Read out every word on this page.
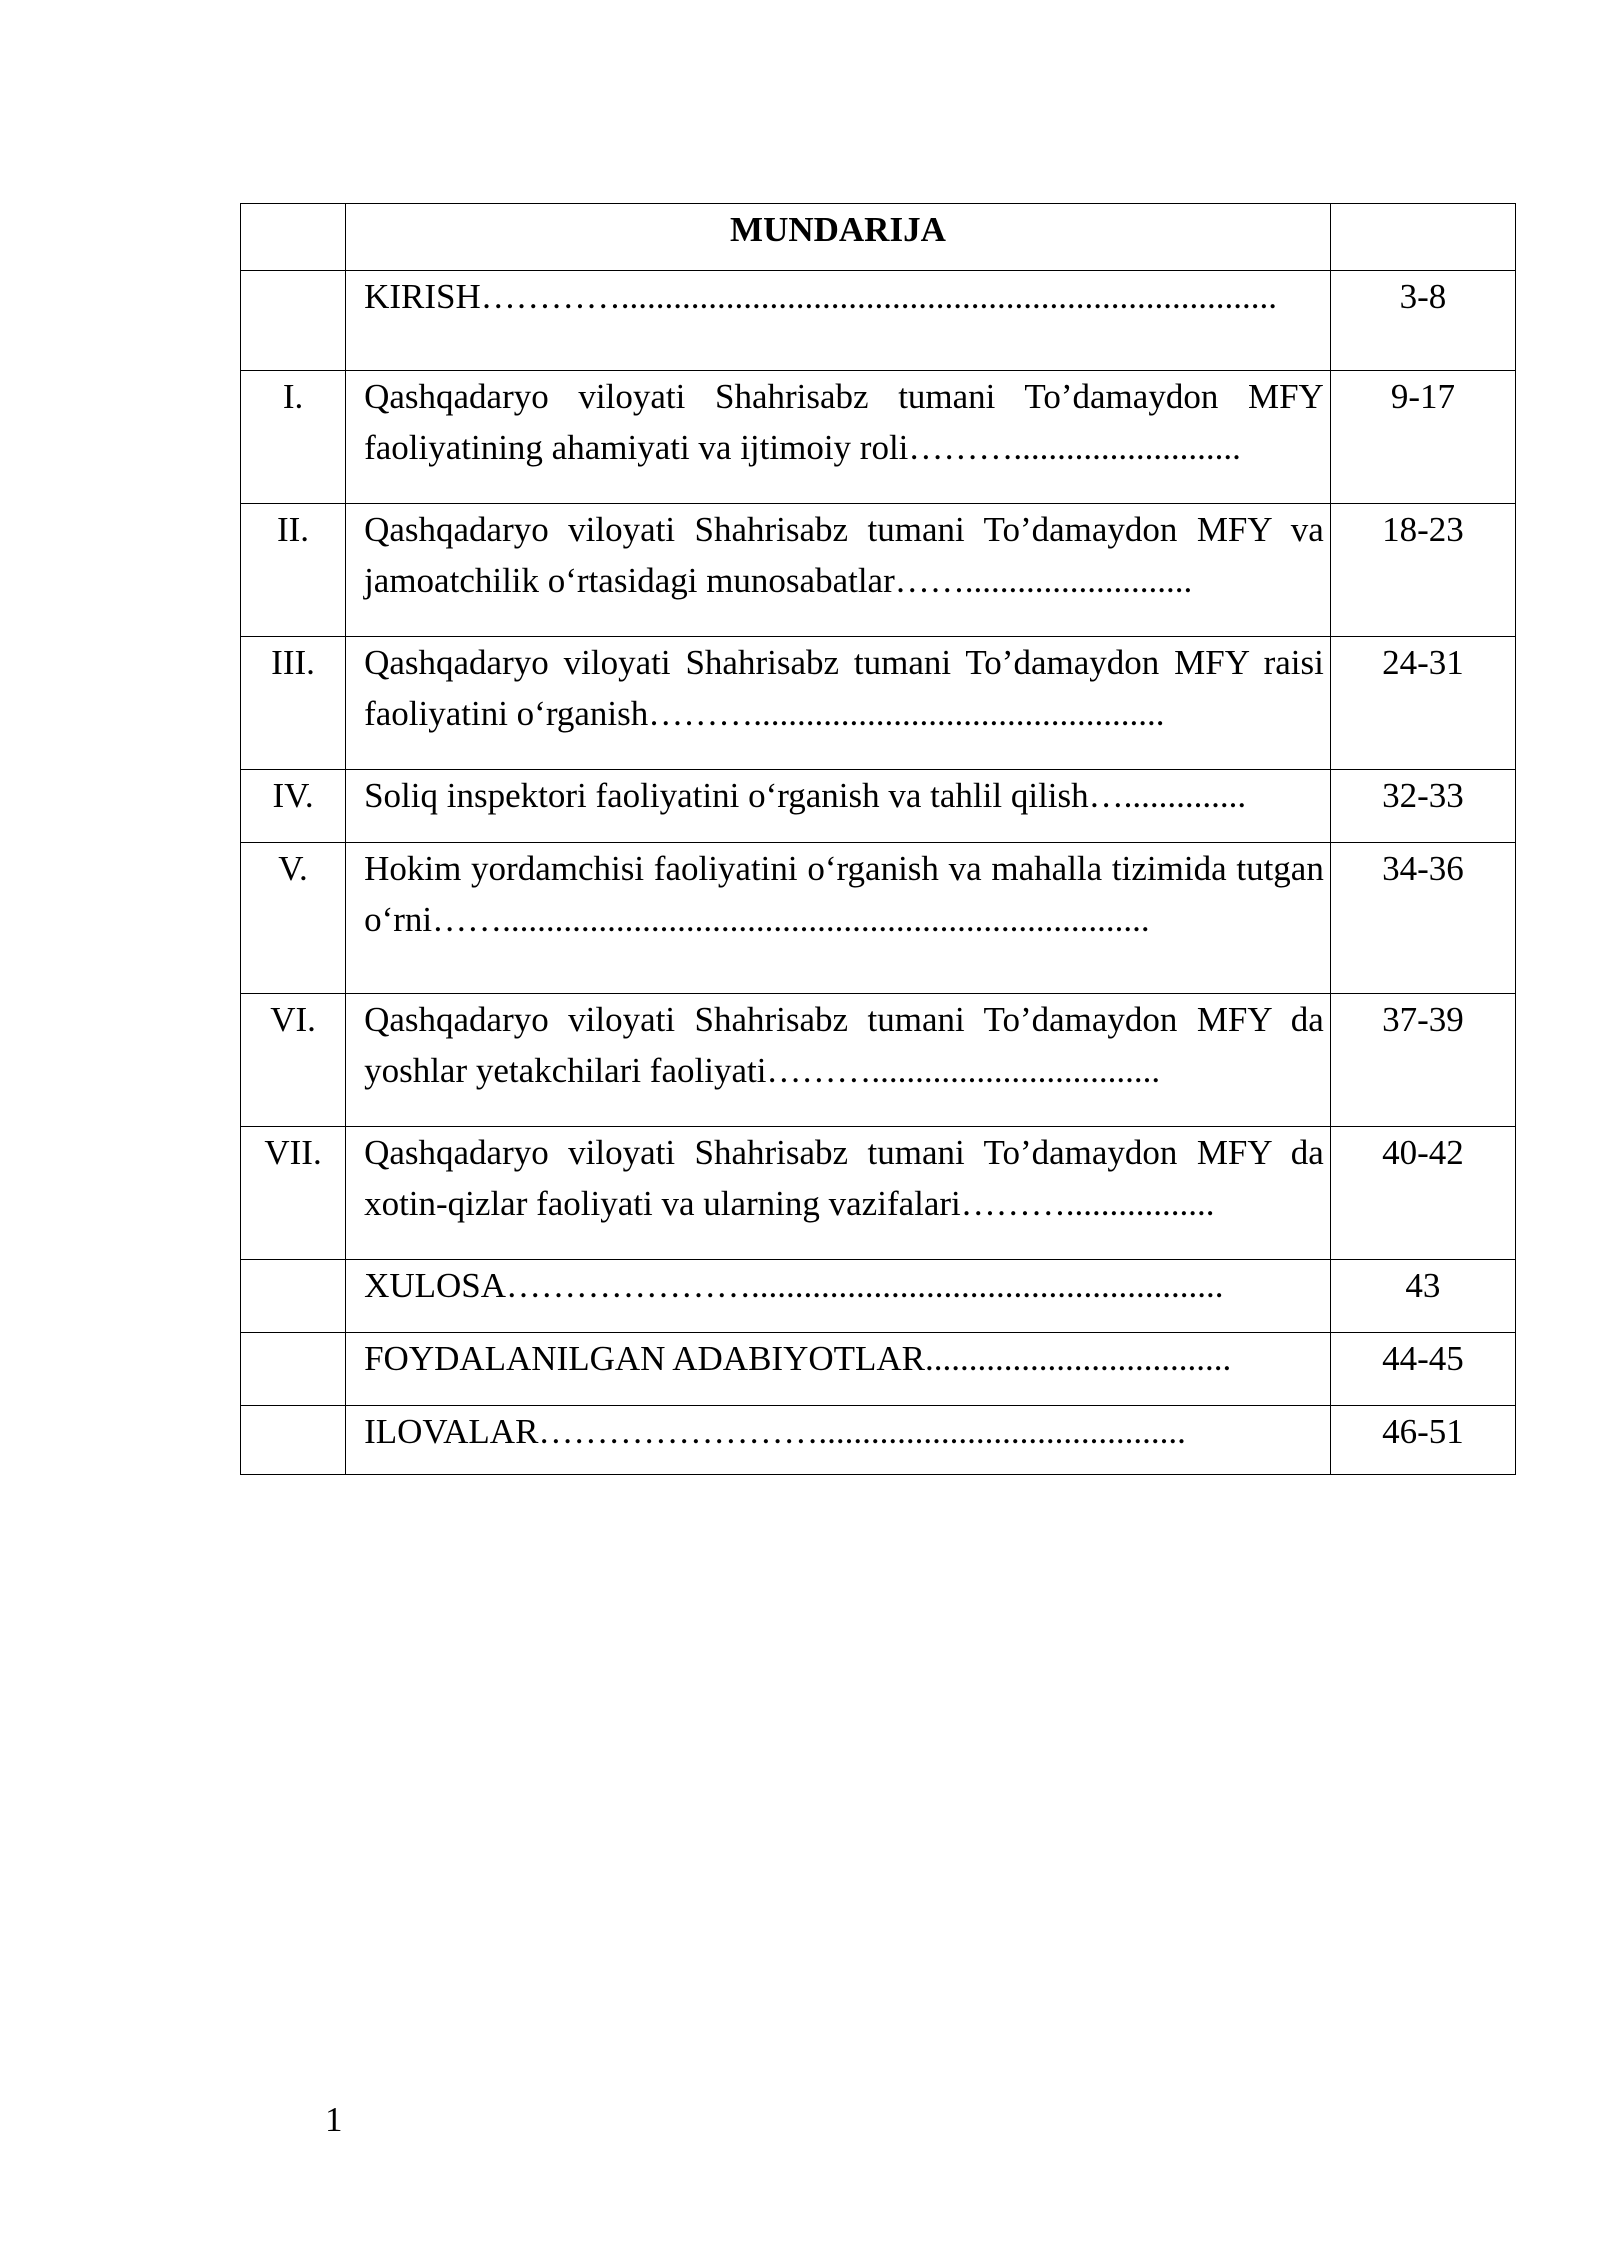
	MUNDARIJA	
	KIRISH…………...........................................................................	3-8
I.	Qashqadaryo viloyati Shahrisabz tumani To’damaydon MFY faoliyatining ahamiyati va ijtimoiy roli………..........................	9-17
II.	Qashqadaryo viloyati Shahrisabz tumani To’damaydon MFY va jamoatchilik o‘rtasidagi munosabatlar……..........................	18-23
III.	Qashqadaryo viloyati Shahrisabz tumani To’damaydon MFY raisi faoliyatini o‘rganish………...............................................	24-31
IV.	Soliq inspektori faoliyatini o‘rganish va tahlil qilish…..............	32-33
V.	Hokim yordamchisi faoliyatini o‘rganish va mahalla tizimida tutgan o‘rni……..........................................................................	34-36
VI.	Qashqadaryo viloyati Shahrisabz tumani To’damaydon MFY da yoshlar yetakchilari faoliyati……….................................	37-39
VII.	Qashqadaryo viloyati Shahrisabz tumani To’damaydon MFY da xotin-qizlar faoliyati va ularning vazifalari……….................	40-42
	XULOSA…………………......................................................	43
	FOYDALANILGAN ADABIYOTLAR...................................	44-45
	ILOVALAR……………………..........................................	46-51
1
